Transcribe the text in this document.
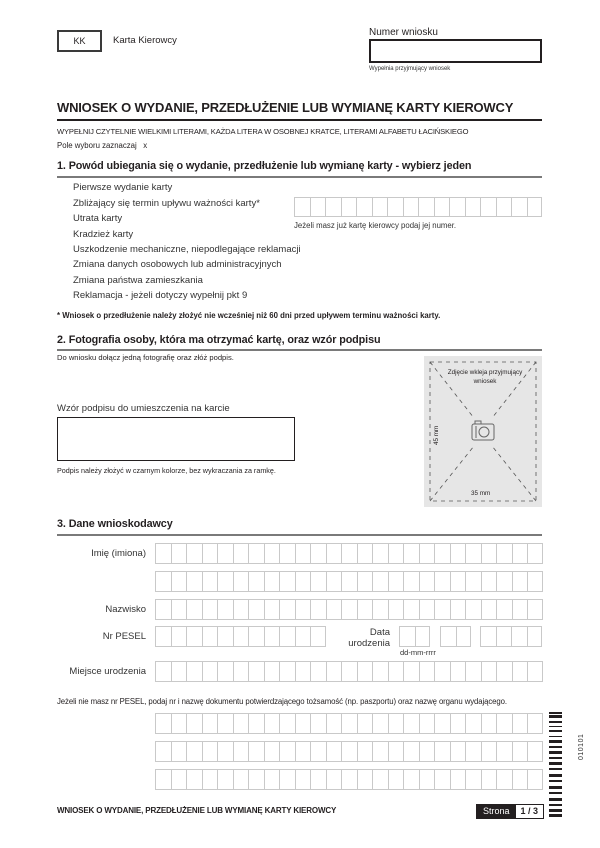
KK	Karta Kierowcy
Numer wniosku
Wypełnia przyjmujący wniosek
WNIOSEK O WYDANIE, PRZEDŁUŻENIE LUB WYMIANĘ KARTY KIEROWCY
WYPEŁNIJ CZYTELNIE WIELKIMI LITERAMI, KAŻDA LITERA W OSOBNEJ KRATCE, LITERAMI ALFABETU ŁACIŃSKIEGO
Pole wyboru zaznaczaj   x
1. Powód ubiegania się o wydanie, przedłużenie lub wymianę karty - wybierz jeden
Pierwsze wydanie karty
Zbliżający się termin upływu ważności karty*
Utrata karty
Kradzież karty
Uszkodzenie mechaniczne, niepodlegające reklamacji
Zmiana danych osobowych lub administracyjnych
Zmiana państwa zamieszkania
Reklamacja - jeżeli dotyczy wypełnij pkt 9
Jeżeli masz już kartę kierowcy podaj jej numer.
* Wniosek o przedłużenie należy złożyć nie wcześniej niż 60 dni przed upływem terminu ważności karty.
2. Fotografia osoby, która ma otrzymać kartę, oraz wzór podpisu
Do wniosku dołącz jedną fotografię oraz złóż podpis.
Wzór podpisu do umieszczenia na karcie
Podpis należy złożyć w czarnym kolorze, bez wykraczania za ramkę.
Zdjęcie wkleja przyjmujący wniosek
45 mm
35 mm
3. Dane wnioskodawcy
Imię (imiona)
Nazwisko
Nr PESEL	Data urodzenia
dd-mm-rrrr
Miejsce urodzenia
Jeżeli nie masz nr PESEL, podaj nr i nazwę dokumentu potwierdzającego tożsamość (np. paszportu) oraz nazwę organu wydającego.
010101
WNIOSEK O WYDANIE, PRZEDŁUŻENIE LUB WYMIANĘ KARTY KIEROWCY	Strona	1 / 3
